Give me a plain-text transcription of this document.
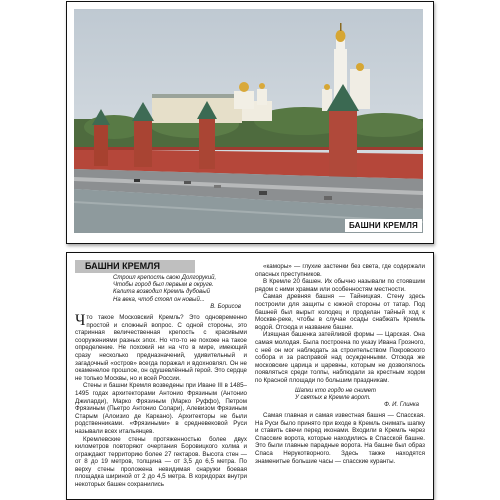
БАШНИ КРЕМЛЯ
БАШНИ КРЕМЛЯ
Строил крепость свою Долгорукий,
Чтобы город был первым в округе.
Калита возводил Кремль дубовый
На века, чтоб стоял он новый...
В. Борисов

Что такое Московский Кремль? Это одновременно простой и сложный вопрос. С одной стороны, это старинная величественная крепость с красивыми сооружениями разных эпох. Но что-то не похоже на такое определение. Не похожий ни на что в мире, имеющий сразу несколько предназначений, удивительный и загадочный «остров» всегда поражал и вдохновлял. Он не окаменелое прошлое, он одушевлённый герой. Это сердце не только Москвы, но и всей России.

Стены и башни Кремля возведены при Иване III в 1485–1495 годах архитекторами Антонио Фрязиным (Антонио Джиларди), Марко Фрязиным (Марко Руффо), Петром Фрязиным (Пьетро Антонио Солари), Алевизом Фрязиным Старым (Алоизио де Каркано). Архитекторы не были родственниками. «Фрязиными» в средневековой Руси называли всех итальянцев.

Кремлевские стены протяженностью более двух километров повторяют очертания Боровицкого холма и ограждают территорию более 27 гектаров. Высота стен — от 8 до 19 метров, толщина — от 3,5 до 6,5 метра. По верху стены проложена невидимая снаружи боевая площадка шириной от 2 до 4,5 метра. В коридорах внутри некоторых башен сохранились

«каморы» — глухие застенки без света, где содержали опасных преступников.

В Кремле 20 башен. Их обычно называли по стоявшим рядом с ними храмам или особенностям местности.

Самая древняя башня — Тайницкая. Стену здесь построили для защиты с южной стороны от татар. Под башней был вырыт колодец и проделан тайный ход к Москве-реке, чтобы в случае осады снабжать Кремль водой. Отсюда и название башни.

Изящная башенка затейливой формы — Царская. Она самая молодая. Была построена по указу Ивана Грозного, с неё он мог наблюдать за строительством Покровского собора и за расправой над осужденными. Отсюда же московские царица и царевны, которым не дозволялось появляться среди толпы, наблюдали за крестным ходом по Красной площади по большим праздникам.

Шапки кто гордо не снимет
У святых в Кремле ворот.
Ф. И. Глинка

Самая главная и самая известная башня — Спасская. На Руси было принято при входе в Кремль снимать шапку и ставить свечи перед иконами. Входили в Кремль через Спасские ворота, которые находились в Спасской башне. Это были главные парадные ворота. На башне был образ Спаса Нерукотворного. Здесь также находятся знаменитые большие часы — спасские куранты.
